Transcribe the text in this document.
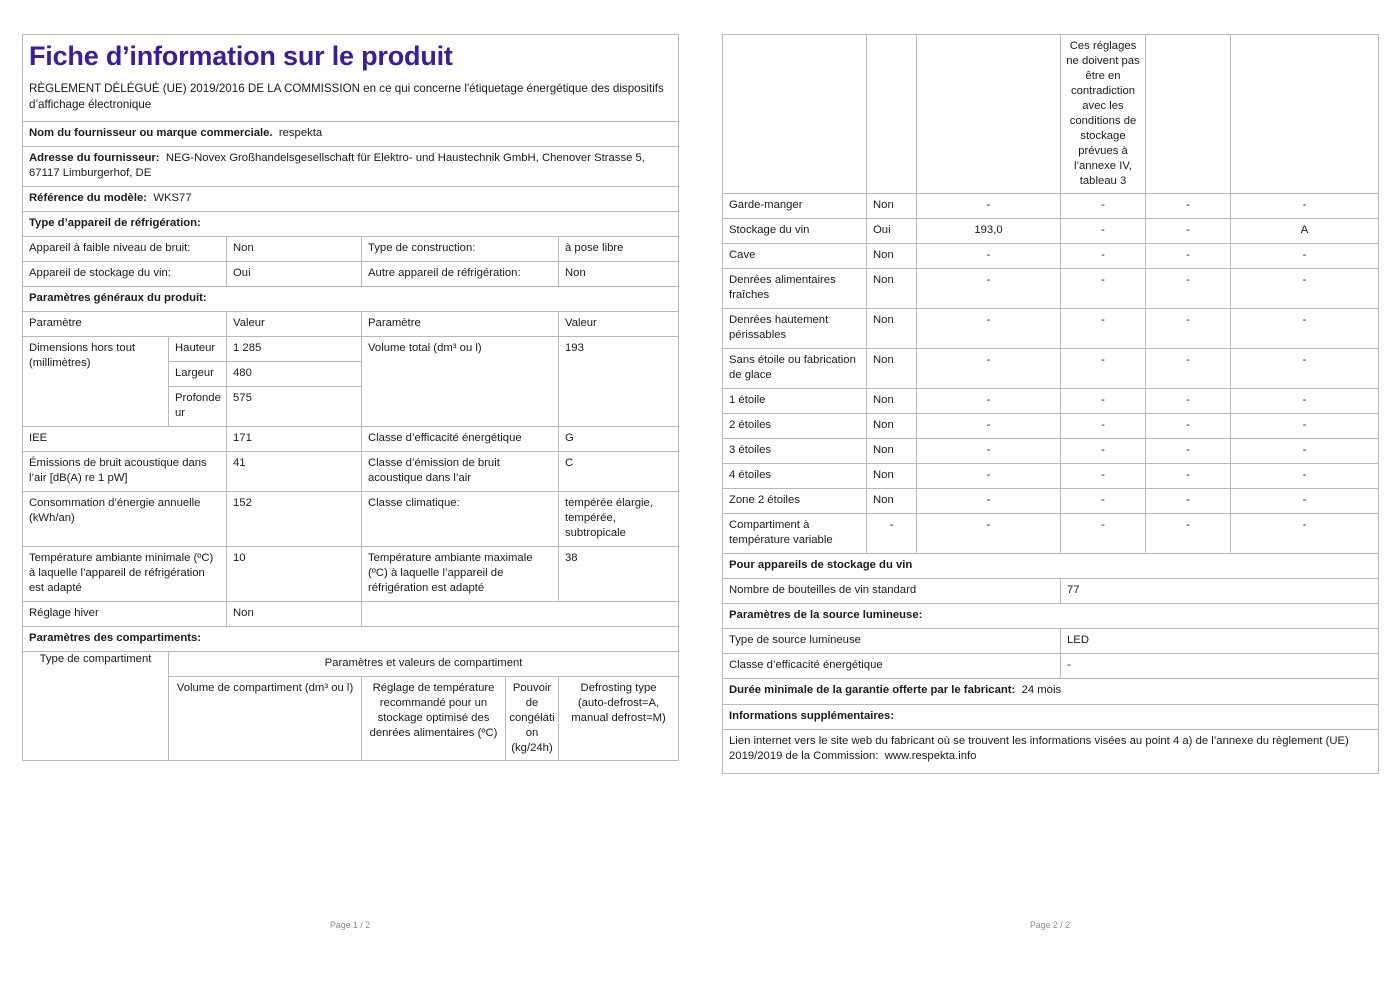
Fiche d’information sur le produit
RÈGLEMENT DÉLÉGUÉ (UE) 2019/2016 DE LA COMMISSION en ce qui concerne l'étiquetage énergétique des dispositifs d’affichage électronique					

Nom du fournisseur ou marque commerciale. respekta					
Adresse du fournisseur: NEG-Novex Großhandelsgesellschaft für Elektro- und Haustechnik GmbH, Chenover Strasse 5, 67117 Limburgerhof, DE					
Référence du modèle: WKS77					
Type d’appareil de réfrigération:					
Appareil à faible niveau de bruit:		Non	Type de construction:		à pose libre
Appareil de stockage du vin:		Oui	Autre appareil de réfrigération:		Non
Paramètres généraux du produit:					
Paramètre		Valeur	Paramètre		Valeur
Dimensions hors tout (millimètres)	Hauteur	1 285	Volume total (dm³ ou l)		193
	Largeur	480			
	Profondeur	575			
IEE		171	Classe d’efficacité énergétique		G
Émissions de bruit acoustique dans l’air [dB(A) re 1 pW]		41	Classe d’émission de bruit acoustique dans l’air		C
Consommation d’énergie annuelle (kWh/an)		152	Classe climatique:		tempérée élargie, tempérée, subtropicale
Température ambiante minimale (ºC) à laquelle l’appareil de réfrigération est adapté		10	Température ambiante maximale (ºC) à laquelle l’appareil de réfrigération est adapté		38
Réglage hiver		Non			
Paramètres des compartiments:					
Type de compartiment	Paramètres et valeurs de compartiment				
	Volume de compartiment (dm³ ou l)		Réglage de température recommandé pour un stockage optimisé des denrées alimentaires (ºC)	Pouvoir de congélation (kg/24h)	Defrosting type (auto-defrost=A, manual defrost=M)
			Ces réglages ne doivent pas être en contradiction avec les conditions de stockage prévues à l’annexe IV, tableau 3		
Garde-manger	Non	-	-	-	-
Stockage du vin	Oui	193,0	-	-	A
Cave	Non	-	-	-	-
Denrées alimentaires fraîches	Non	-	-	-	-
Denrées hautement périssables	Non	-	-	-	-
Sans étoile ou fabrication de glace	Non	-	-	-	-
1 étoile	Non	-	-	-	-
2 étoiles	Non	-	-	-	-
3 étoiles	Non	-	-	-	-
4 étoiles	Non	-	-	-	-
Zone 2 étoiles	Non	-	-	-	-
Compartiment à température variable	-	-	-	-	-
Pour appareils de stockage du vin					
Nombre de bouteilles de vin standard			77		
Paramètres de la source lumineuse:					
Type de source lumineuse			LED		
Classe d’efficacité énergétique			-		
Durée minimale de la garantie offerte par le fabricant: 24 mois					
Informations supplémentaires:					
Lien internet vers le site web du fabricant où se trouvent les informations visées au point 4 a) de l’annexe du règlement (UE) 2019/2019 de la Commission: www.respekta.info					
Page 1 / 2	Page 2 / 2
